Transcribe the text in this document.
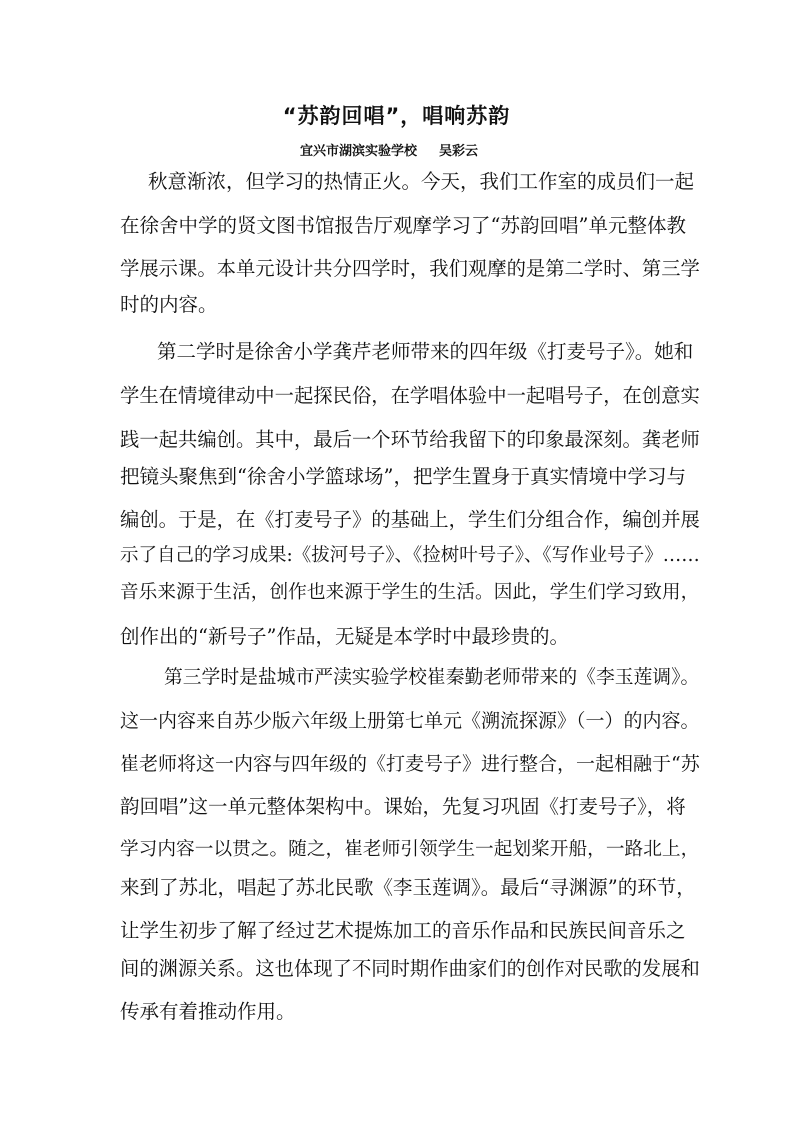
“苏韵回唱”，唱响苏韵
宜兴市湖滨实验学校 吴彩云
秋意渐浓，但学习的热情正火。今天，我们工作室的成员们一起
在徐舍中学的贤文图书馆报告厅观摩学习了“苏韵回唱”单元整体教
学展示课。本单元设计共分四学时，我们观摩的是第二学时、第三学
时的内容。
第二学时是徐舍小学龚芹老师带来的四年级《打麦号子》。她和
学生在情境律动中一起探民俗，在学唱体验中一起唱号子，在创意实
践一起共编创。其中，最后一个环节给我留下的印象最深刻。龚老师
把镜头聚焦到“徐舍小学篮球场”，把学生置身于真实情境中学习与
编创。于是，在《打麦号子》的基础上，学生们分组合作，编创并展
示了自己的学习成果:《拔河号子》、《捡树叶号子》、《写作业号子》……
音乐来源于生活，创作也来源于学生的生活。因此，学生们学习致用，
创作出的“新号子”作品，无疑是本学时中最珍贵的。
第三学时是盐城市严渎实验学校崔秦勤老师带来的《李玉莲调》。
这一内容来自苏少版六年级上册第七单元《溯流探源》（一）的内容。
崔老师将这一内容与四年级的《打麦号子》进行整合，一起相融于“苏
韵回唱”这一单元整体架构中。课始，先复习巩固《打麦号子》，将
学习内容一以贯之。随之，崔老师引领学生一起划桨开船，一路北上，
来到了苏北，唱起了苏北民歌《李玉莲调》。最后“寻渊源”的环节，
让学生初步了解了经过艺术提炼加工的音乐作品和民族民间音乐之
间的渊源关系。这也体现了不同时期作曲家们的创作对民歌的发展和
传承有着推动作用。
